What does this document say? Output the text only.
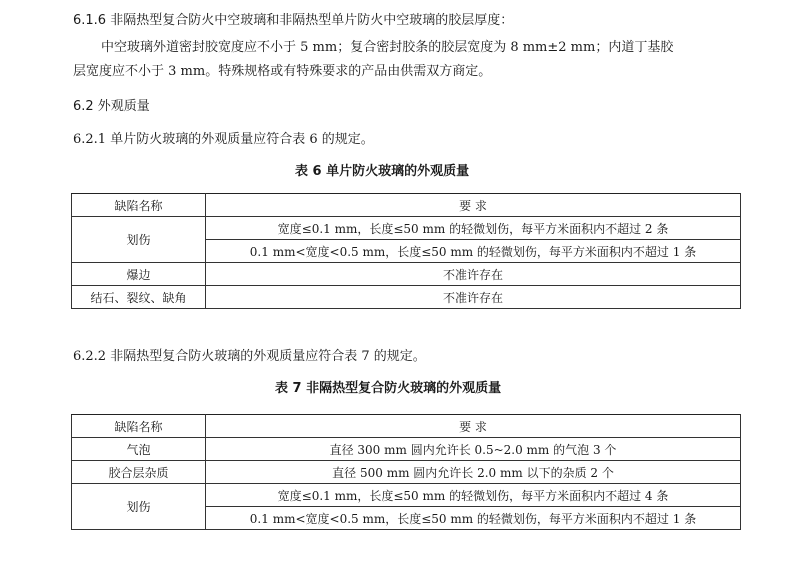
6.1.6 非隔热型复合防火中空玻璃和非隔热型单片防火中空玻璃的胶层厚度：
中空玻璃外道密封胶宽度应不小于 5 mm；复合密封胶条的胶层宽度为 8 mm±2 mm；内道丁基胶
层宽度应不小于 3 mm。特殊规格或有特殊要求的产品由供需双方商定。
6.2 外观质量
6.2.1 单片防火玻璃的外观质量应符合表 6 的规定。
表 6 单片防火玻璃的外观质量
缺陷名称	要 求
划伤	宽度≤0.1 mm，长度≤50 mm 的轻微划伤，每平方米面积内不超过 2 条
	0.1 mm<宽度<0.5 mm，长度≤50 mm 的轻微划伤，每平方米面积内不超过 1 条
爆边	不准许存在
结石、裂纹、缺角	不准许存在
6.2.2 非隔热型复合防火玻璃的外观质量应符合表 7 的规定。
表 7 非隔热型复合防火玻璃的外观质量
缺陷名称	要 求
气泡	直径 300 mm 圆内允许长 0.5~2.0 mm 的气泡 3 个
胶合层杂质	直径 500 mm 圆内允许长 2.0 mm 以下的杂质 2 个
划伤	宽度≤0.1 mm，长度≤50 mm 的轻微划伤，每平方米面积内不超过 4 条
	0.1 mm<宽度<0.5 mm，长度≤50 mm 的轻微划伤，每平方米面积内不超过 1 条
